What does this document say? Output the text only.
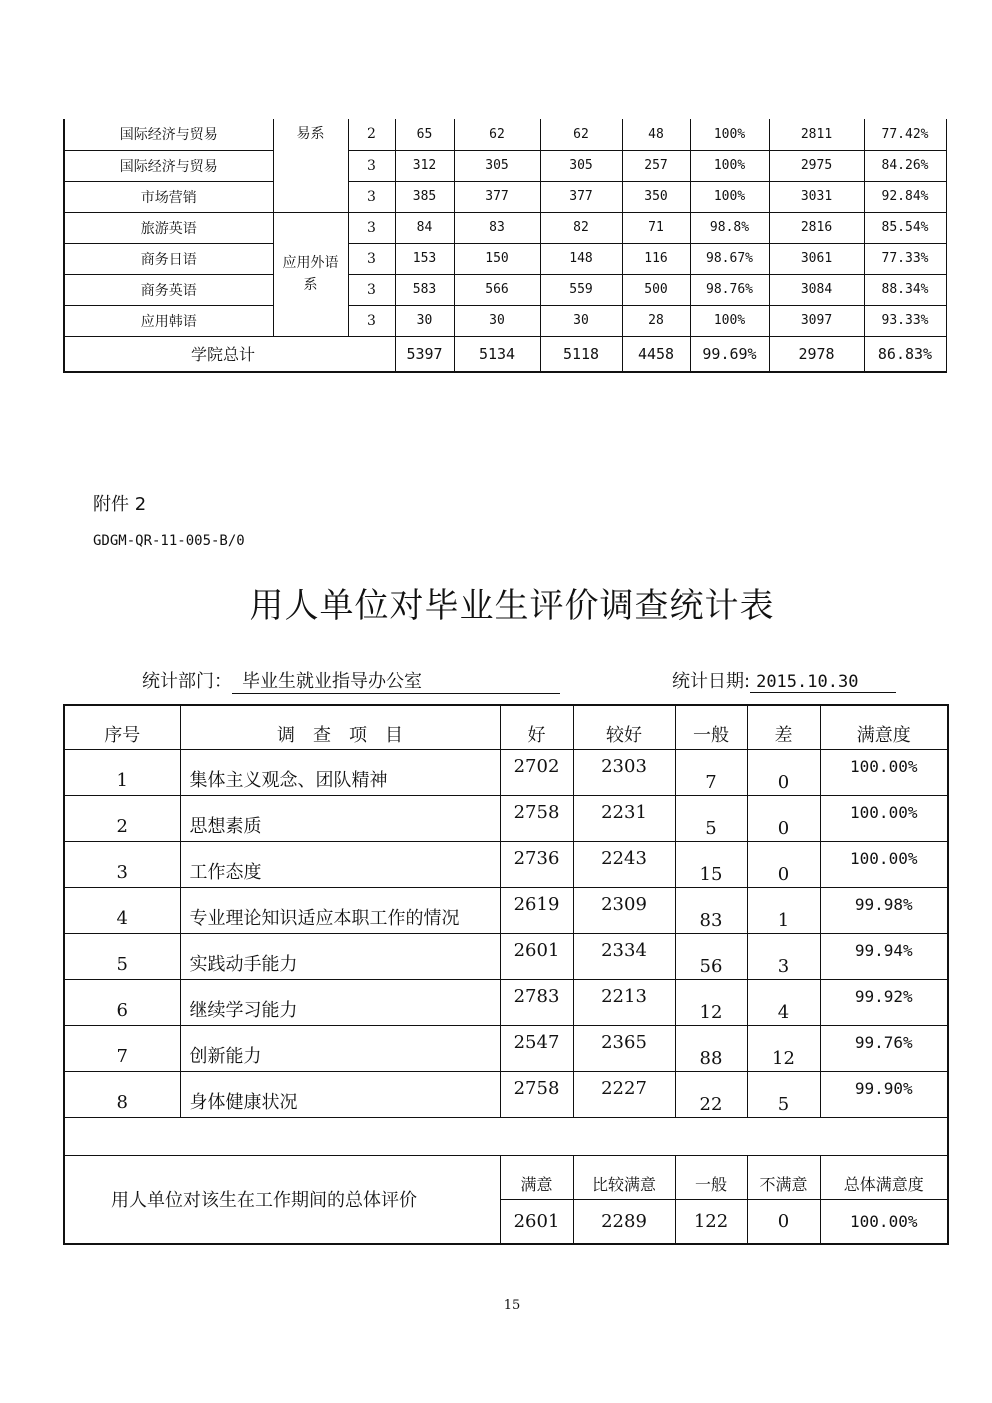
国际经济与贸易	易系	2	65	62	62	48	100%	2811	77.42%
国际经济与贸易		3	312	305	305	257	100%	2975	84.26%
市场营销		3	385	377	377	350	100%	3031	92.84%
旅游英语	应用外语系	3	84	83	82	71	98.8%	2816	85.54%
商务日语		3	153	150	148	116	98.67%	3061	77.33%
商务英语		3	583	566	559	500	98.76%	3084	88.34%
应用韩语		3	30	30	30	28	100%	3097	93.33%
学院总计			5397	5134	5118	4458	99.69%	2978	86.83%
附件 2
GDGM-QR-11-005-B/0
用人单位对毕业生评价调查统计表
统计部门： 毕业生就业指导办公室	统计日期: 2015.10.30
序号	调　查　项　目	好	较好	一般	差	满意度
1	集体主义观念、团队精神	2702	2303	7	0	100.00%
2	思想素质	2758	2231	5	0	100.00%
3	工作态度	2736	2243	15	0	100.00%
4	专业理论知识适应本职工作的情况	2619	2309	83	1	99.98%
5	实践动手能力	2601	2334	56	3	99.94%
6	继续学习能力	2783	2213	12	4	99.92%
7	创新能力	2547	2365	88	12	99.76%
8	身体健康状况	2758	2227	22	5	99.90%

用人单位对该生在工作期间的总体评价		满意	比较满意	一般	不满意	总体满意度
		2601	2289	122	0	100.00%
15
